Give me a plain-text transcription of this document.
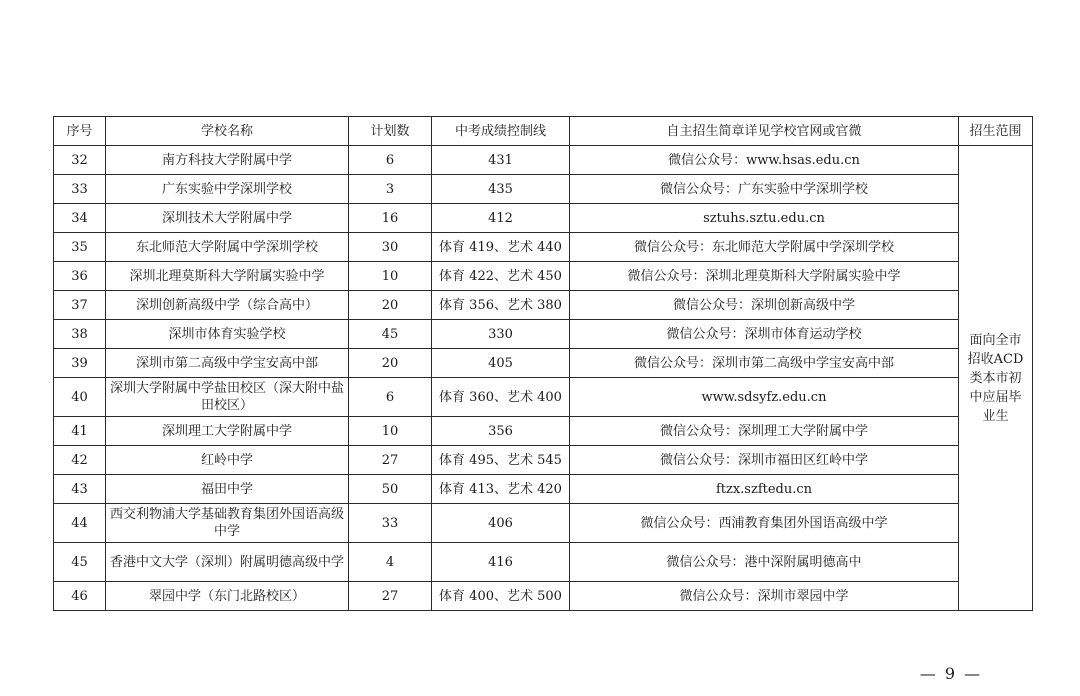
序号	学校名称	计划数	中考成绩控制线	自主招生简章详见学校官网或官微	招生范围
32	南方科技大学附属中学	6	431	微信公众号：www.hsas.edu.cn	面向全市招收ACD类本市初中应届毕业生
33	广东实验中学深圳学校	3	435	微信公众号：广东实验中学深圳学校	
34	深圳技术大学附属中学	16	412	sztuhs.sztu.edu.cn	
35	东北师范大学附属中学深圳学校	30	体育 419、艺术 440	微信公众号：东北师范大学附属中学深圳学校	
36	深圳北理莫斯科大学附属实验中学	10	体育 422、艺术 450	微信公众号：深圳北理莫斯科大学附属实验中学	
37	深圳创新高级中学（综合高中）	20	体育 356、艺术 380	微信公众号：深圳创新高级中学	
38	深圳市体育实验学校	45	330	微信公众号：深圳市体育运动学校	
39	深圳市第二高级中学宝安高中部	20	405	微信公众号：深圳市第二高级中学宝安高中部	
40	深圳大学附属中学盐田校区（深大附中盐田校区）	6	体育 360、艺术 400	www.sdsyfz.edu.cn	
41	深圳理工大学附属中学	10	356	微信公众号：深圳理工大学附属中学	
42	红岭中学	27	体育 495、艺术 545	微信公众号：深圳市福田区红岭中学	
43	福田中学	50	体育 413、艺术 420	ftzx.szftedu.cn	
44	西交利物浦大学基础教育集团外国语高级中学	33	406	微信公众号：西浦教育集团外国语高级中学	
45	香港中文大学（深圳）附属明德高级中学	4	416	微信公众号：港中深附属明德高中	
46	翠园中学（东门北路校区）	27	体育 400、艺术 500	微信公众号：深圳市翠园中学	
— 9 —
